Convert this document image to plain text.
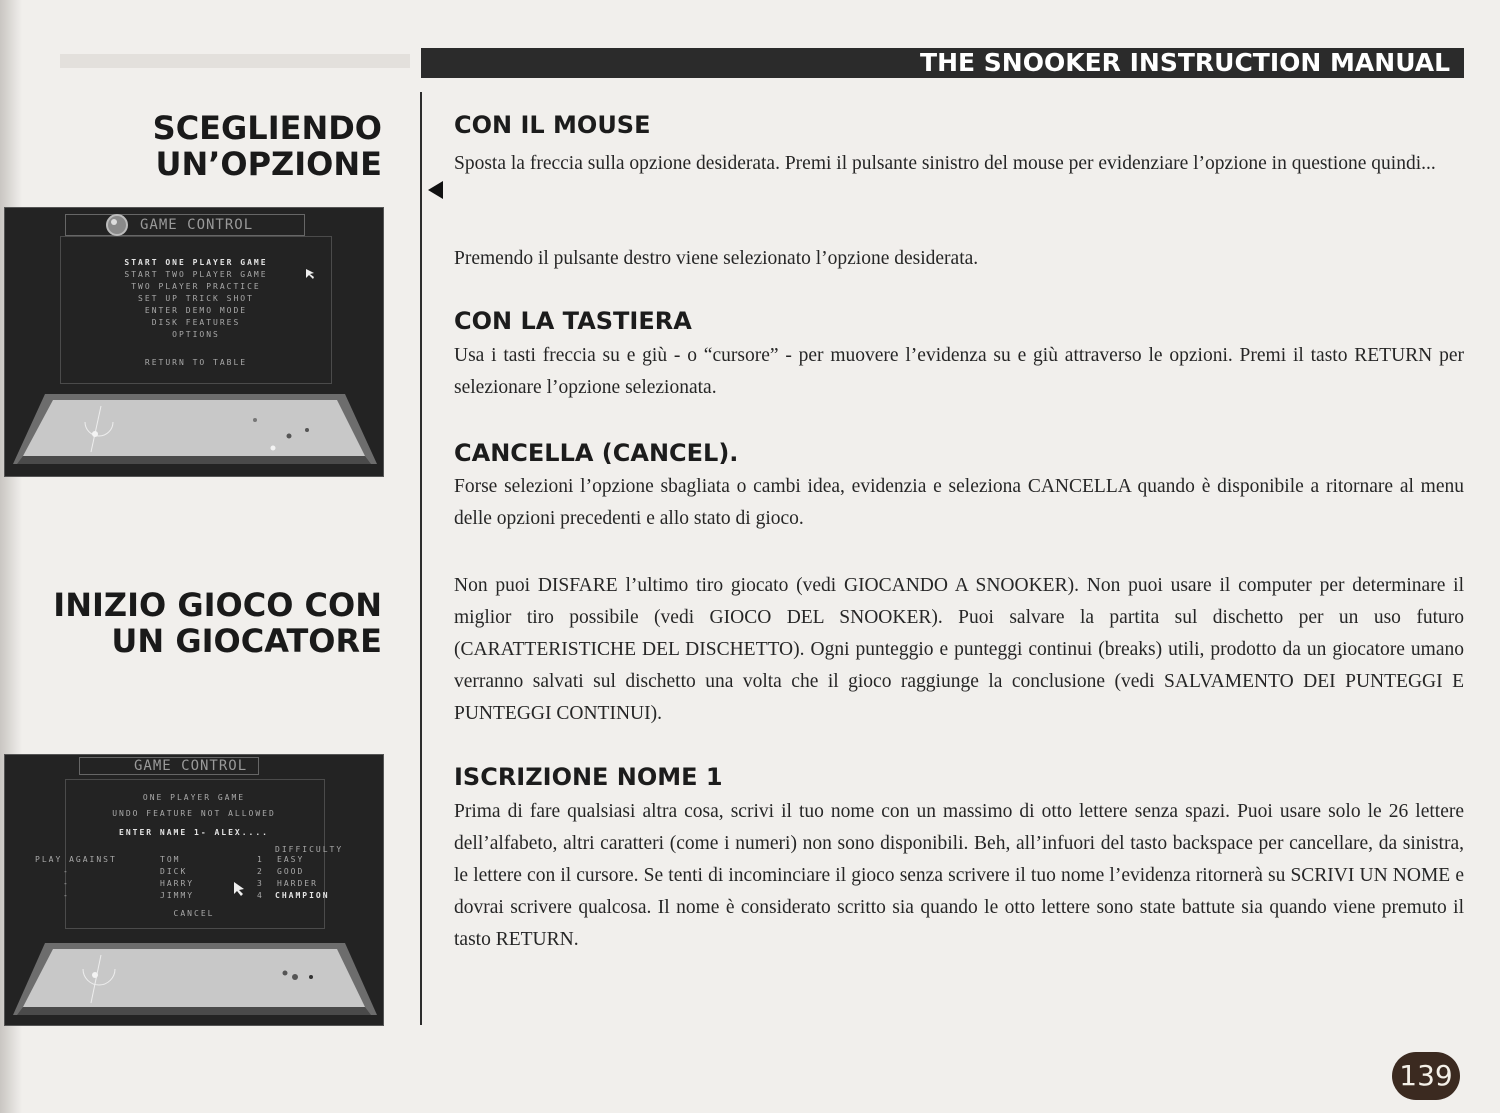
THE SNOOKER INSTRUCTION MANUAL
SCEGLIENDO
UN’OPZIONE
INIZIO GIOCO CON
UN GIOCATORE
GAME CONTROL
START ONE PLAYER GAME
START TWO PLAYER GAME
TWO PLAYER PRACTICE
SET UP TRICK SHOT
ENTER DEMO MODE
DISK FEATURES
OPTIONS
RETURN TO TABLE
GAME CONTROL
ONE PLAYER GAME
UNDO FEATURE NOT ALLOWED
ENTER NAME 1- ALEX....
DIFFICULTY
PLAY AGAINST
-
-
-
TOM
DICK
HARRY
JIMMY
1
2
3
4
EASY
GOOD
HARDER
CHAMPION
CANCEL
CON IL MOUSE

Sposta la freccia sulla opzione desiderata. Premi il pulsante sinistro del mouse per evidenziare l’opzione in questione quindi...

Premendo il pulsante destro viene selezionato l’opzione desiderata.

CON LA TASTIERA

Usa i tasti freccia su e giù - o “cursore” - per muovere l’evidenza su e giù attraverso le opzioni. Premi il tasto RETURN per selezionare l’opzione selezionata.

CANCELLA (CANCEL).

Forse selezioni l’opzione sbagliata o cambi idea, evidenzia e seleziona CANCELLA quando è disponibile a ritornare al menu delle opzioni precedenti e allo stato di gioco.

Non puoi DISFARE l’ultimo tiro giocato (vedi GIOCANDO A SNOOKER). Non puoi usare il computer per determinare il miglior tiro possibile (vedi GIOCO DEL SNOOKER). Puoi salvare la partita sul dischetto per un uso futuro (CARATTERISTICHE DEL DISCHETTO). Ogni punteggio e punteggi continui (breaks) utili, prodotto da un giocatore umano verranno salvati sul dischetto una volta che il gioco raggiunge la conclusione (vedi SALVAMENTO DEI PUNTEGGI E PUNTEGGI CONTINUI).

ISCRIZIONE NOME 1

Prima di fare qualsiasi altra cosa, scrivi il tuo nome con un massimo di otto lettere senza spazi. Puoi usare solo le 26 lettere dell’alfabeto, altri caratteri (come i numeri) non sono disponibili. Beh, all’infuori del tasto backspace per cancellare, da sinistra, le lettere con il cursore. Se tenti di incominciare il gioco senza scrivere il tuo nome l’evidenza ritornerà su SCRIVI UN NOME e dovrai scrivere qualcosa. Il nome è considerato scritto sia quando le otto lettere sono state battute sia quando viene premuto il tasto RETURN.

139
